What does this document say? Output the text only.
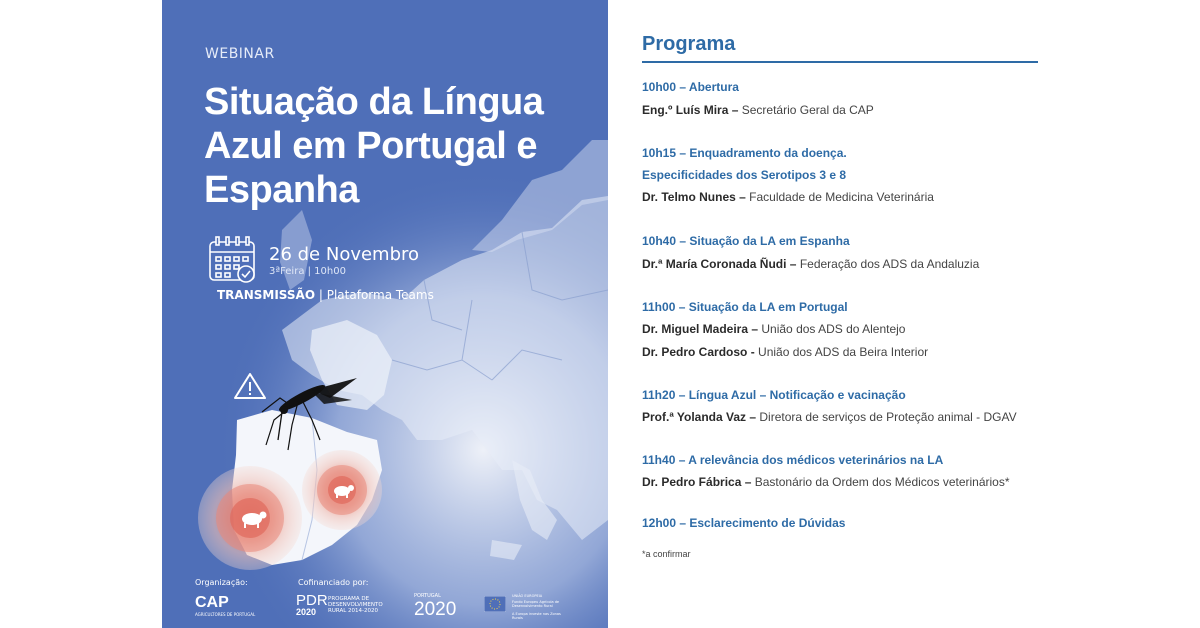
WEBINAR
Situação da Língua
Azul em Portugal e
Espanha
26 de Novembro
3ªFeira | 10h00
TRANSMISSÃO | Plataforma Teams
Organização:	Cofinanciado por:
CAP
AGRICULTORES DE PORTUGAL
PDR
2020
PROGRAMA DE DESENVOLVIMENTO RURAL 2014-2020
PORTUGAL
2020
UNIÃO EUROPEIA
Fundo Europeu Agrícola de Desenvolvimento Rural
A Europa investe nas Zonas Rurais
Programa
10h00 – Abertura
Eng.º Luís Mira – Secretário Geral da CAP
10h15 – Enquadramento da doença.
Especificidades dos Serotipos 3 e 8
Dr. Telmo Nunes – Faculdade de Medicina Veterinária
10h40 – Situação da LA em Espanha
Dr.ª María Coronada Ñudi – Federação dos ADS da Andaluzia
11h00 – Situação da LA em Portugal
Dr. Miguel Madeira – União dos ADS do Alentejo
Dr. Pedro Cardoso - União dos ADS da Beira Interior
11h20 – Língua Azul – Notificação e vacinação
Prof.ª Yolanda Vaz – Diretora de serviços de Proteção animal - DGAV
11h40 – A relevância dos médicos veterinários na LA
Dr. Pedro Fábrica – Bastonário da Ordem dos Médicos veterinários*
12h00 – Esclarecimento de Dúvidas
*a confirmar
